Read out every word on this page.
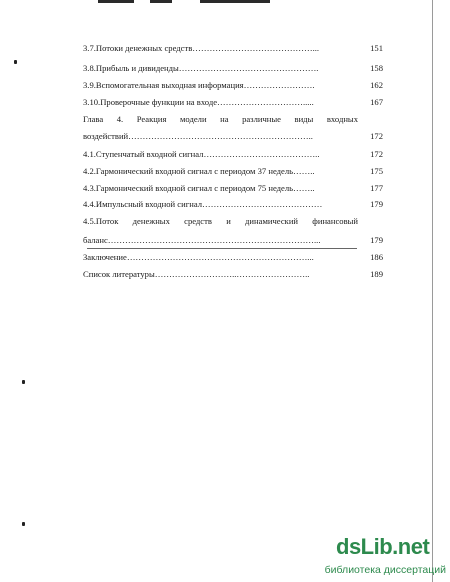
3.7.Потоки денежных средств……………………………………...	151
3.8.Прибыль и дивиденды………………………………………….	158
3.9.Вспомогательная выходная информация…………………….	162
3.10.Проверочные функции на входе………………………….....	167
Глава 4. Реакция модели на различные виды входных
воздействий………………………………………………………..	172
4.1.Ступенчатый входной сигнал…………………………………..	172
4.2.Гармонический входной сигнал с периодом 37 недель……..	175
4.3.Гармонический входной сигнал с периодом 75 недель……..	177
4.4.Импульсный входной сигнал……………………………………	179
4.5.Поток денежных средств и динамический финансовый
баланс………………………………………………………………...	179
Заключение………………………………………………………...	186
Список литературы………………………..……………………..	189
dsLib.net
библиотека диссертаций
